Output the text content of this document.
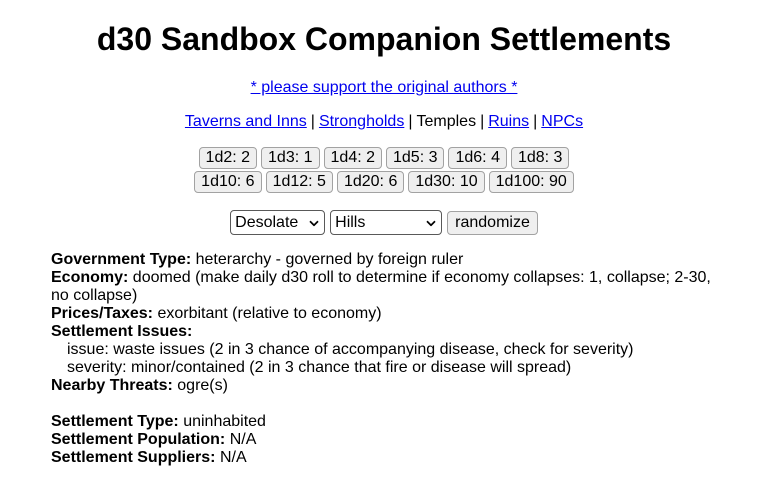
d30 Sandbox Companion Settlements
* please support the original authors *
Taverns and Inns | Strongholds | Temples | Ruins | NPCs
1d2: 2	1d3: 1	1d4: 2	1d5: 3	1d6: 4	1d8: 3
1d10: 6	1d12: 5	1d20: 6	1d30: 10	1d100: 90
Desolate
Hills
randomize
Government Type: heterarchy - governed by foreign ruler
Economy: doomed (make daily d30 roll to determine if economy collapses: 1, collapse; 2-30, no collapse)
Prices/Taxes: exorbitant (relative to economy)
Settlement Issues:
issue: waste issues (2 in 3 chance of accompanying disease, check for severity)
severity: minor/contained (2 in 3 chance that fire or disease will spread)
Nearby Threats: ogre(s)
Settlement Type: uninhabited
Settlement Population: N/A
Settlement Suppliers: N/A
